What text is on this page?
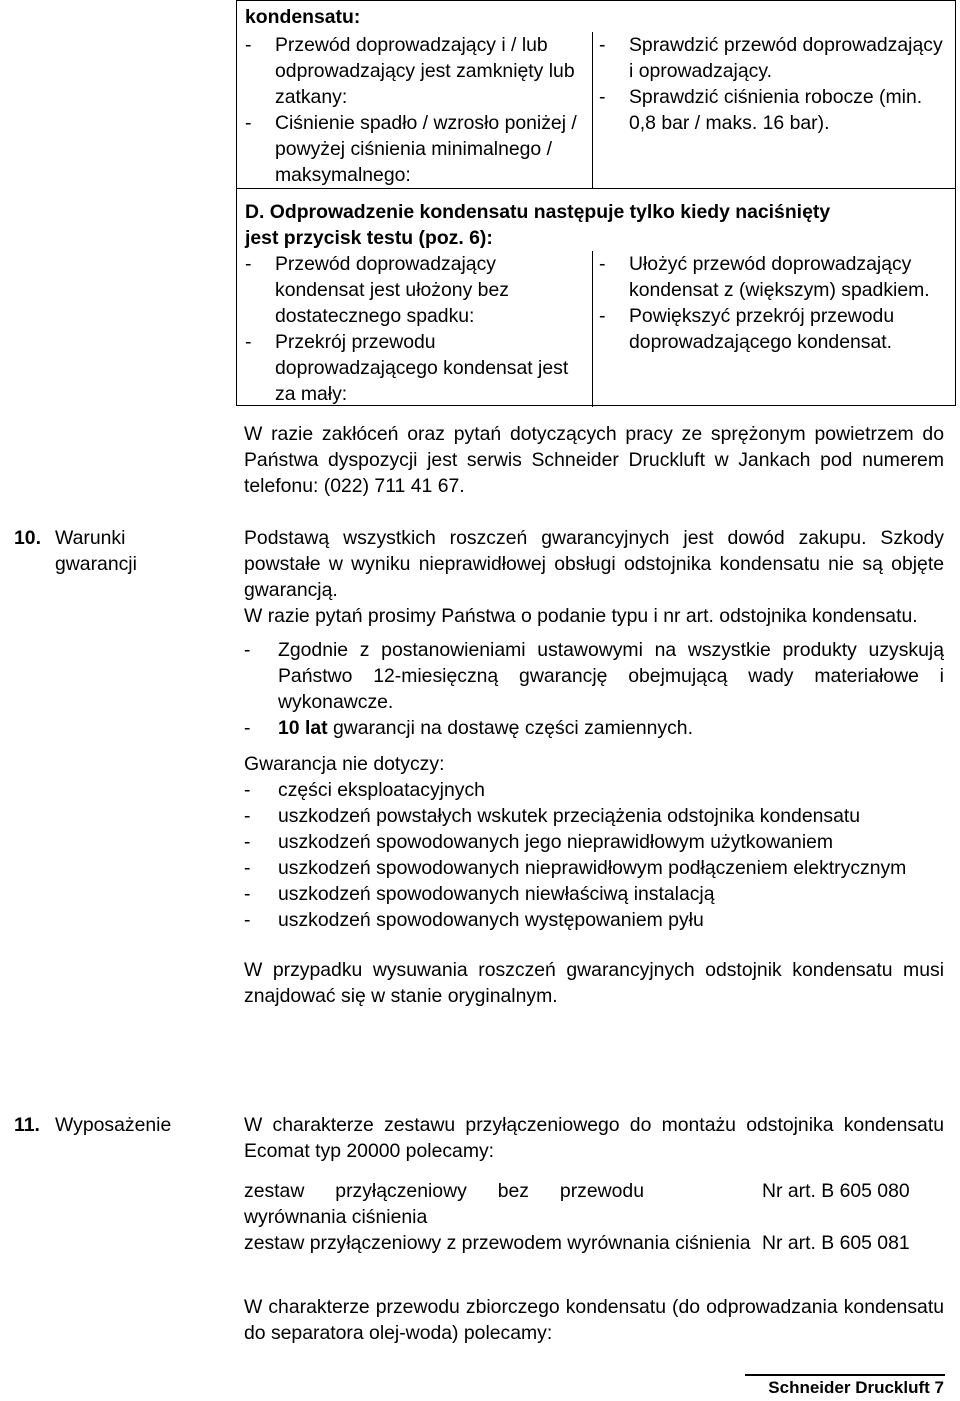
kondensatu:
- Przewód doprowadzający i / lub odprowadzający jest zamknięty lub zatkany:
- Ciśnienie spadło / wzrosło poniżej / powyżej ciśnienia minimalnego / maksymalnego:
- Sprawdzić przewód doprowadzający i oprowadzający.
- Sprawdzić ciśnienia robocze (min. 0,8 bar / maks. 16 bar).
D. Odprowadzenie kondensatu następuje tylko kiedy naciśnięty
jest przycisk testu (poz. 6):
- Przewód doprowadzający kondensat jest ułożony bez dostatecznego spadku:
- Przekrój przewodu doprowadzającego kondensat jest za mały:
- Ułożyć przewód doprowadzający kondensat z (większym) spadkiem.
- Powiększyć przekrój przewodu doprowadzającego kondensat.

W razie zakłóceń oraz pytań dotyczących pracy ze sprężonym powietrzem do Państwa dyspozycji jest serwis Schneider Druckluft w Jankach pod numerem telefonu: (022) 711 41 67.

10. Warunki
gwarancji

Podstawą wszystkich roszczeń gwarancyjnych jest dowód zakupu. Szkody powstałe w wyniku nieprawidłowej obsługi odstojnika kondensatu nie są objęte gwarancją.

W razie pytań prosimy Państwa o podanie typu i nr art. odstojnika kondensatu.

- Zgodnie z postanowieniami ustawowymi na wszystkie produkty uzyskują Państwo 12-miesięczną gwarancję obejmującą wady materiałowe i wykonawcze.
- 10 lat gwarancji na dostawę części zamiennych.

Gwarancja nie dotyczy:

- części eksploatacyjnych
- uszkodzeń powstałych wskutek przeciążenia odstojnika kondensatu
- uszkodzeń spowodowanych jego nieprawidłowym użytkowaniem
- uszkodzeń spowodowanych nieprawidłowym podłączeniem elektrycznym
- uszkodzeń spowodowanych niewłaściwą instalacją
- uszkodzeń spowodowanych występowaniem pyłu

W przypadku wysuwania roszczeń gwarancyjnych odstojnik kondensatu musi znajdować się w stanie oryginalnym.

11. Wyposażenie	W charakterze zestawu przyłączeniowego do montażu odstojnika kondensatu Ecomat typ 20000 polecamy:

zestaw przyłączeniowy bez przewodu wyrównania ciśnienia
Nr art. B 605 080
zestaw przyłączeniowy z przewodem wyrównania ciśnienia Nr art. B 605 081

W charakterze przewodu zbiorczego kondensatu (do odprowadzania kondensatu do separatora olej-woda) polecamy:

Schneider Druckluft 7
